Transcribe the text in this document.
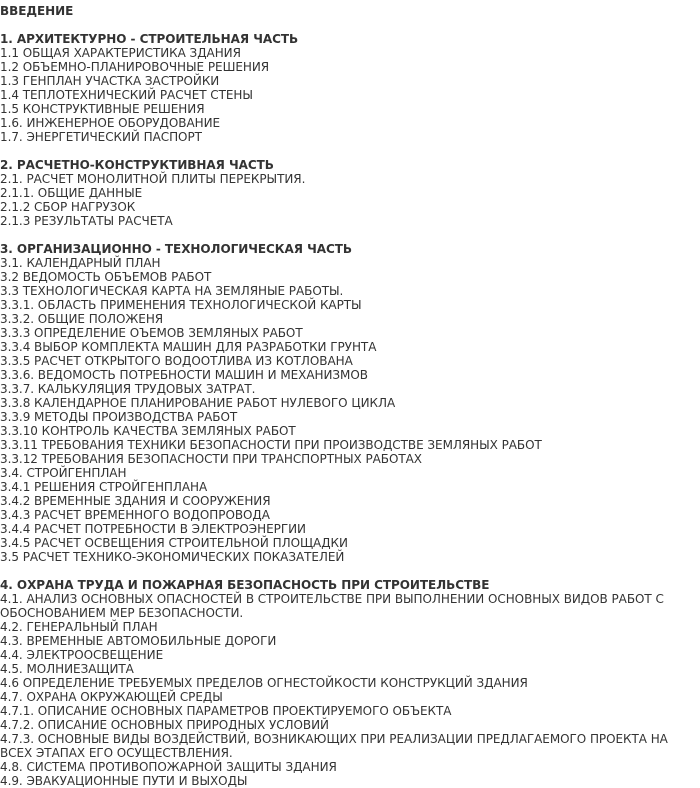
ВВЕДЕНИЕ
1. АРХИТЕКТУРНО - СТРОИТЕЛЬНАЯ ЧАСТЬ
1.1 ОБЩАЯ ХАРАКТЕРИСТИКА ЗДАНИЯ
1.2 ОБЪЕМНО-ПЛАНИРОВОЧНЫЕ РЕШЕНИЯ
1.3 ГЕНПЛАН УЧАСТКА ЗАСТРОЙКИ
1.4 ТЕПЛОТЕХНИЧЕСКИЙ РАСЧЕТ СТЕНЫ
1.5 КОНСТРУКТИВНЫЕ РЕШЕНИЯ
1.6. ИНЖЕНЕРНОЕ ОБОРУДОВАНИЕ
1.7. ЭНЕРГЕТИЧЕСКИЙ ПАСПОРТ
2. РАСЧЕТНО-КОНСТРУКТИВНАЯ ЧАСТЬ
2.1. РАСЧЕТ МОНОЛИТНОЙ ПЛИТЫ ПЕРЕКРЫТИЯ.
2.1.1. ОБЩИЕ ДАННЫЕ
2.1.2 СБОР НАГРУЗОК
2.1.3 РЕЗУЛЬТАТЫ РАСЧЕТА
3. ОРГАНИЗАЦИОННО - ТЕХНОЛОГИЧЕСКАЯ ЧАСТЬ
3.1. КАЛЕНДАРНЫЙ ПЛАН
3.2 ВЕДОМОСТЬ ОБЪЕМОВ РАБОТ
3.3 ТЕХНОЛОГИЧЕСКАЯ КАРТА НА ЗЕМЛЯНЫЕ РАБОТЫ.
3.3.1. ОБЛАСТЬ ПРИМЕНЕНИЯ ТЕХНОЛОГИЧЕСКОЙ КАРТЫ
3.3.2. ОБЩИЕ ПОЛОЖЕНЯ
3.3.3 ОПРЕДЕЛЕНИЕ ОЪЕМОВ ЗЕМЛЯНЫХ РАБОТ
3.3.4 ВЫБОР КОМПЛЕКТА МАШИН ДЛЯ РАЗРАБОТКИ ГРУНТА
3.3.5 РАСЧЕТ ОТКРЫТОГО ВОДООТЛИВА ИЗ КОТЛОВАНА
3.3.6. ВЕДОМОСТЬ ПОТРЕБНОСТИ МАШИН И МЕХАНИЗМОВ
3.3.7. КАЛЬКУЛЯЦИЯ ТРУДОВЫХ ЗАТРАТ.
3.3.8 КАЛЕНДАРНОЕ ПЛАНИРОВАНИЕ РАБОТ НУЛЕВОГО ЦИКЛА
3.3.9 МЕТОДЫ ПРОИЗВОДСТВА РАБОТ
3.3.10 КОНТРОЛЬ КАЧЕСТВА ЗЕМЛЯНЫХ РАБОТ
3.3.11 ТРЕБОВАНИЯ ТЕХНИКИ БЕЗОПАСНОСТИ ПРИ ПРОИЗВОДСТВЕ ЗЕМЛЯНЫХ РАБОТ
3.3.12 ТРЕБОВАНИЯ БЕЗОПАСНОСТИ ПРИ ТРАНСПОРТНЫХ РАБОТАХ
3.4. СТРОЙГЕНПЛАН
3.4.1 РЕШЕНИЯ СТРОЙГЕНПЛАНА
3.4.2 ВРЕМЕННЫЕ ЗДАНИЯ И СООРУЖЕНИЯ
3.4.3 РАСЧЕТ ВРЕМЕННОГО ВОДОПРОВОДА
3.4.4 РАСЧЕТ ПОТРЕБНОСТИ В ЭЛЕКТРОЭНЕРГИИ
3.4.5 РАСЧЕТ ОСВЕЩЕНИЯ СТРОИТЕЛЬНОЙ ПЛОЩАДКИ
3.5 РАСЧЕТ ТЕХНИКО-ЭКОНОМИЧЕСКИХ ПОКАЗАТЕЛЕЙ
4. ОХРАНА ТРУДА И ПОЖАРНАЯ БЕЗОПАСНОСТЬ ПРИ СТРОИТЕЛЬСТВЕ
4.1. АНАЛИЗ ОСНОВНЫХ ОПАСНОСТЕЙ В СТРОИТЕЛЬСТВЕ ПРИ ВЫПОЛНЕНИИ ОСНОВНЫХ ВИДОВ РАБОТ С ОБОСНОВАНИЕМ МЕР БЕЗОПАСНОСТИ.
4.2. ГЕНЕРАЛЬНЫЙ ПЛАН
4.3. ВРЕМЕННЫЕ АВТОМОБИЛЬНЫЕ ДОРОГИ
4.4. ЭЛЕКТРООСВЕЩЕНИЕ
4.5. МОЛНИЕЗАЩИТА
4.6 ОПРЕДЕЛЕНИЕ ТРЕБУЕМЫХ ПРЕДЕЛОВ ОГНЕСТОЙКОСТИ КОНСТРУКЦИЙ ЗДАНИЯ
4.7. ОХРАНА ОКРУЖАЮЩЕЙ СРЕДЫ
4.7.1. ОПИСАНИЕ ОСНОВНЫХ ПАРАМЕТРОВ ПРОЕКТИРУЕМОГО ОБЪЕКТА
4.7.2. ОПИСАНИЕ ОСНОВНЫХ ПРИРОДНЫХ УСЛОВИЙ
4.7.3. ОСНОВНЫЕ ВИДЫ ВОЗДЕЙСТВИЙ, ВОЗНИКАЮЩИХ ПРИ РЕАЛИЗАЦИИ ПРЕДЛАГАЕМОГО ПРОЕКТА НА ВСЕХ ЭТАПАХ ЕГО ОСУЩЕСТВЛЕНИЯ.
4.8. СИСТЕМА ПРОТИВОПОЖАРНОЙ ЗАЩИТЫ ЗДАНИЯ
4.9. ЭВАКУАЦИОННЫЕ ПУТИ И ВЫХОДЫ
